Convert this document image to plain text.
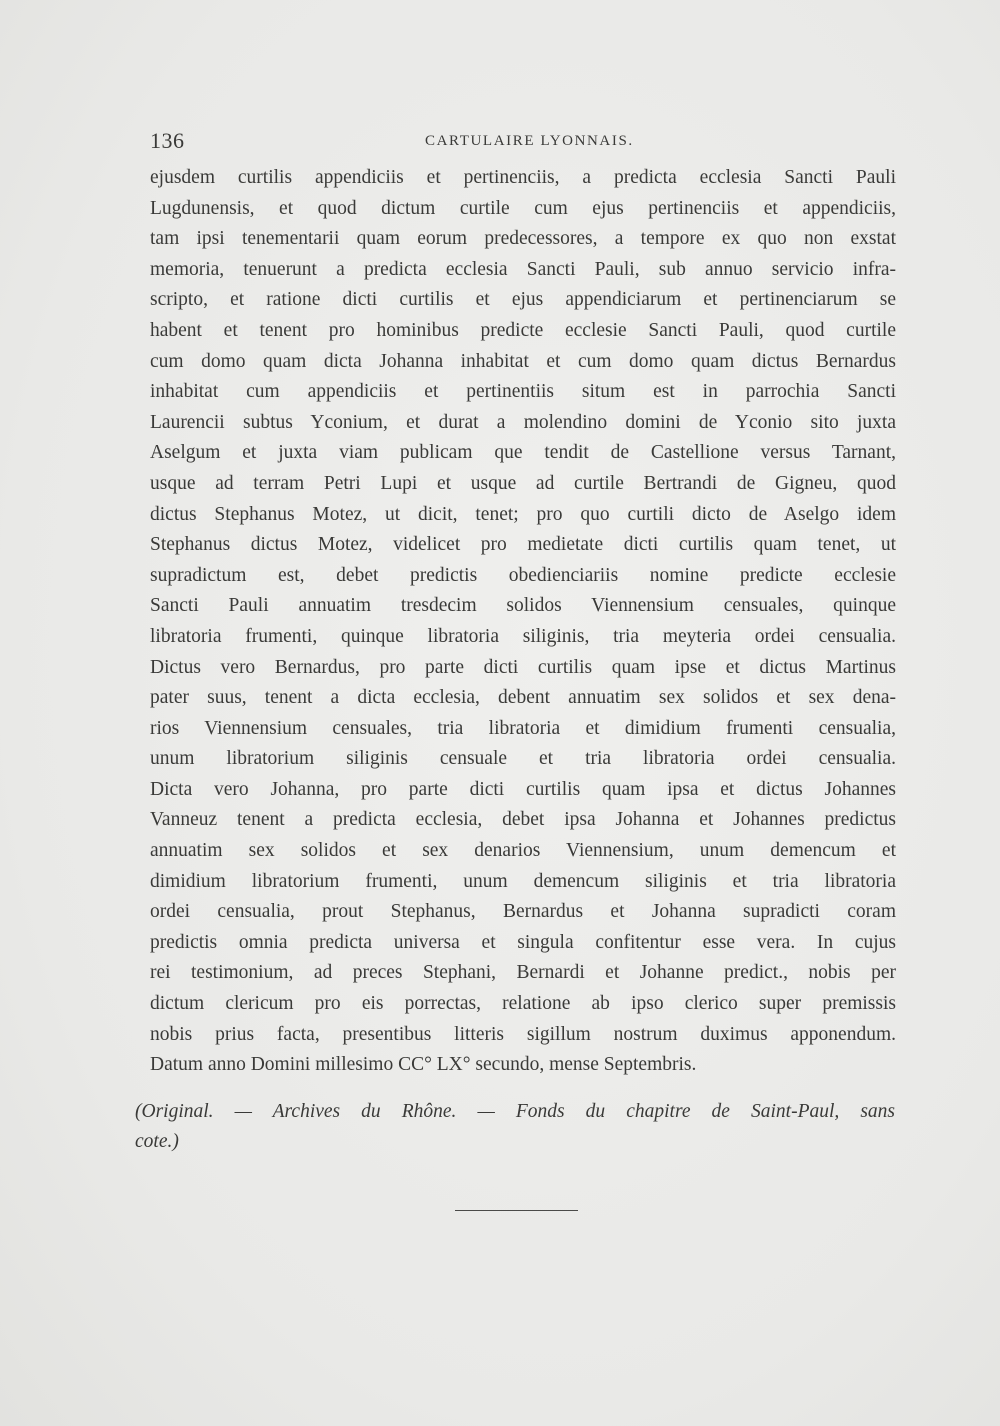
136	CARTULAIRE LYONNAIS.
ejusdem curtilis appendiciis et pertinenciis, a predicta ecclesia Sancti Pauli
Lugdunensis, et quod dictum curtile cum ejus pertinenciis et appendiciis,
tam ipsi tenementarii quam eorum predecessores, a tempore ex quo non exstat
memoria, tenuerunt a predicta ecclesia Sancti Pauli, sub annuo servicio infra-
scripto, et ratione dicti curtilis et ejus appendiciarum et pertinenciarum se
habent et tenent pro hominibus predicte ecclesie Sancti Pauli, quod curtile
cum domo quam dicta Johanna inhabitat et cum domo quam dictus Bernardus
inhabitat cum appendiciis et pertinentiis situm est in parrochia Sancti
Laurencii subtus Yconium, et durat a molendino domini de Yconio sito juxta
Aselgum et juxta viam publicam que tendit de Castellione versus Tarnant,
usque ad terram Petri Lupi et usque ad curtile Bertrandi de Gigneu, quod
dictus Stephanus Motez, ut dicit, tenet; pro quo curtili dicto de Aselgo idem
Stephanus dictus Motez, videlicet pro medietate dicti curtilis quam tenet, ut
supradictum est, debet predictis obedienciariis nomine predicte ecclesie
Sancti Pauli annuatim tresdecim solidos Viennensium censuales, quinque
libratoria frumenti, quinque libratoria siliginis, tria meyteria ordei censualia.
Dictus vero Bernardus, pro parte dicti curtilis quam ipse et dictus Martinus
pater suus, tenent a dicta ecclesia, debent annuatim sex solidos et sex dena-
rios Viennensium censuales, tria libratoria et dimidium frumenti censualia,
unum libratorium siliginis censuale et tria libratoria ordei censualia.
Dicta vero Johanna, pro parte dicti curtilis quam ipsa et dictus Johannes
Vanneuz tenent a predicta ecclesia, debet ipsa Johanna et Johannes predictus
annuatim sex solidos et sex denarios Viennensium, unum demencum et
dimidium libratorium frumenti, unum demencum siliginis et tria libratoria
ordei censualia, prout Stephanus, Bernardus et Johanna supradicti coram
predictis omnia predicta universa et singula confitentur esse vera. In cujus
rei testimonium, ad preces Stephani, Bernardi et Johanne predict., nobis per
dictum clericum pro eis porrectas, relatione ab ipso clerico super premissis
nobis prius facta, presentibus litteris sigillum nostrum duximus apponendum.
Datum anno Domini millesimo CC° LX° secundo, mense Septembris.
(Original. — Archives du Rhône. — Fonds du chapitre de Saint-Paul, sans
cote.)
